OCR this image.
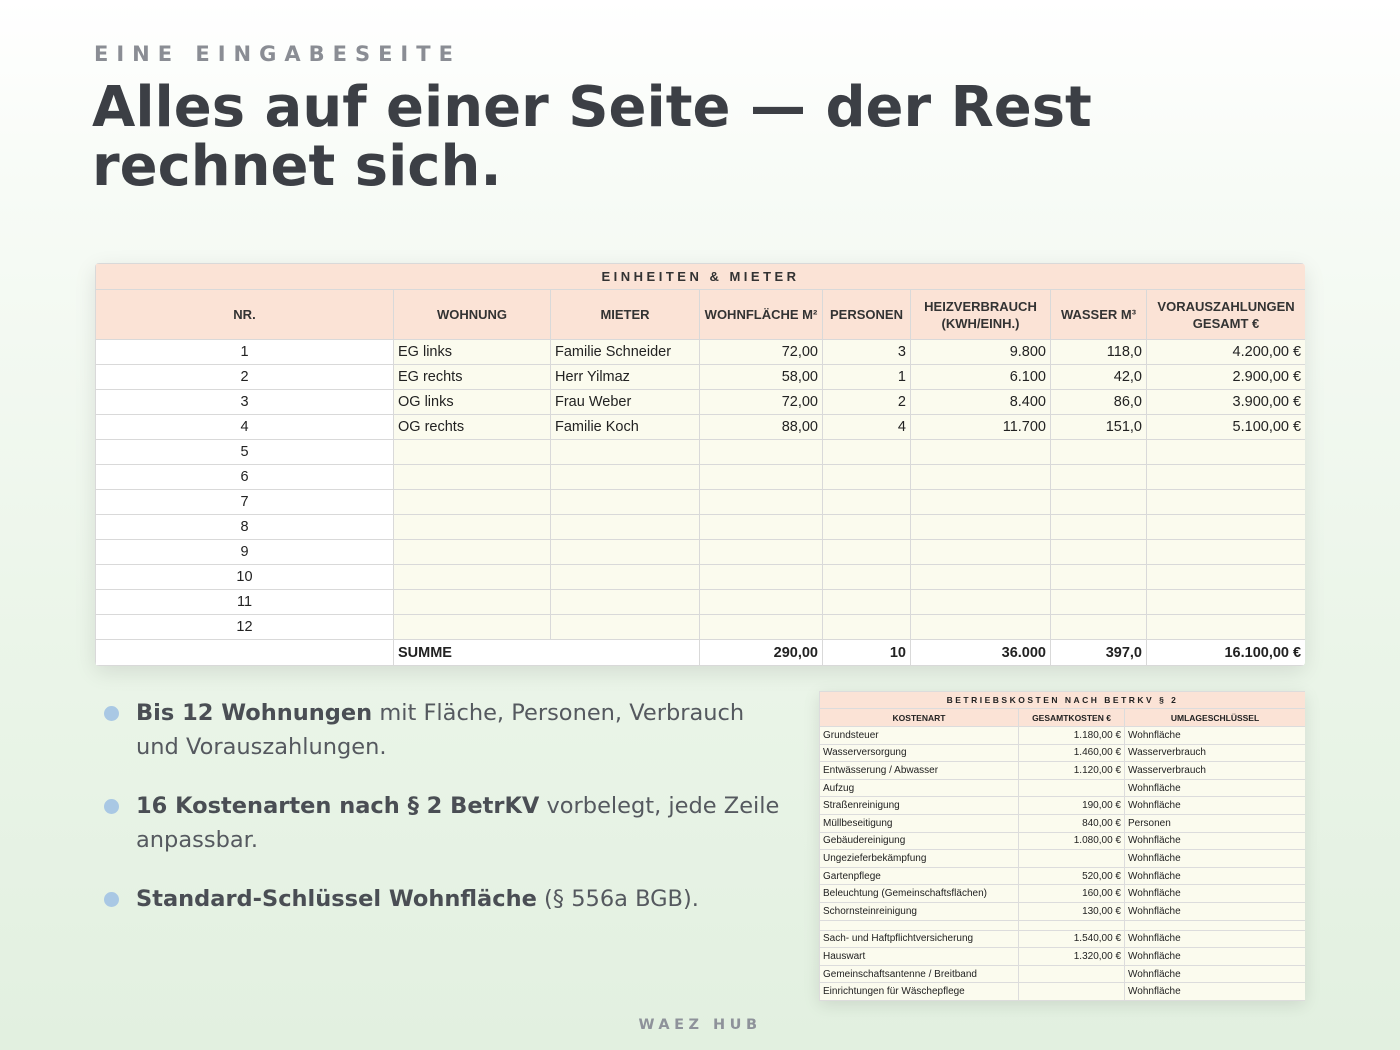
EINE EINGABESEITE
Alles auf einer Seite — der Rest rechnet sich.
EINHEITEN & MIETER							
NR.	WOHNUNG	MIETER	WOHNFLÄCHE M²	PERSONEN	HEIZVERBRAUCH (KWH/EINH.)	WASSER M³	VORAUSZAHLUNGEN GESAMT €
1	EG links	Familie Schneider	72,00	3	9.800	118,0	4.200,00 €
2	EG rechts	Herr Yilmaz	58,00	1	6.100	42,0	2.900,00 €
3	OG links	Frau Weber	72,00	2	8.400	86,0	3.900,00 €
4	OG rechts	Familie Koch	88,00	4	11.700	151,0	5.100,00 €
5							
6							
7							
8							
9							
10							
11							
12							
	SUMME		290,00	10	36.000	397,0	16.100,00 €
Bis 12 Wohnungen mit Fläche, Personen, Verbrauch und Vorauszahlungen.
16 Kostenarten nach § 2 BetrKV vorbelegt, jede Zeile anpassbar.
Standard-Schlüssel Wohnfläche (§ 556a BGB).
BETRIEBSKOSTEN NACH BETRKV § 2		
KOSTENART	GESAMTKOSTEN €	UMLAGESCHLÜSSEL
Grundsteuer	1.180,00 €	Wohnfläche
Wasserversorgung	1.460,00 €	Wasserverbrauch
Entwässerung / Abwasser	1.120,00 €	Wasserverbrauch
Aufzug		Wohnfläche
Straßenreinigung	190,00 €	Wohnfläche
Müllbeseitigung	840,00 €	Personen
Gebäudereinigung	1.080,00 €	Wohnfläche
Ungezieferbekämpfung		Wohnfläche
Gartenpflege	520,00 €	Wohnfläche
Beleuchtung (Gemeinschaftsflächen)	160,00 €	Wohnfläche
Schornsteinreinigung	130,00 €	Wohnfläche

Sach- und Haftpflichtversicherung	1.540,00 €	Wohnfläche
Hauswart	1.320,00 €	Wohnfläche
Gemeinschaftsantenne / Breitband		Wohnfläche
Einrichtungen für Wäschepflege		Wohnfläche
WAEZ HUB
